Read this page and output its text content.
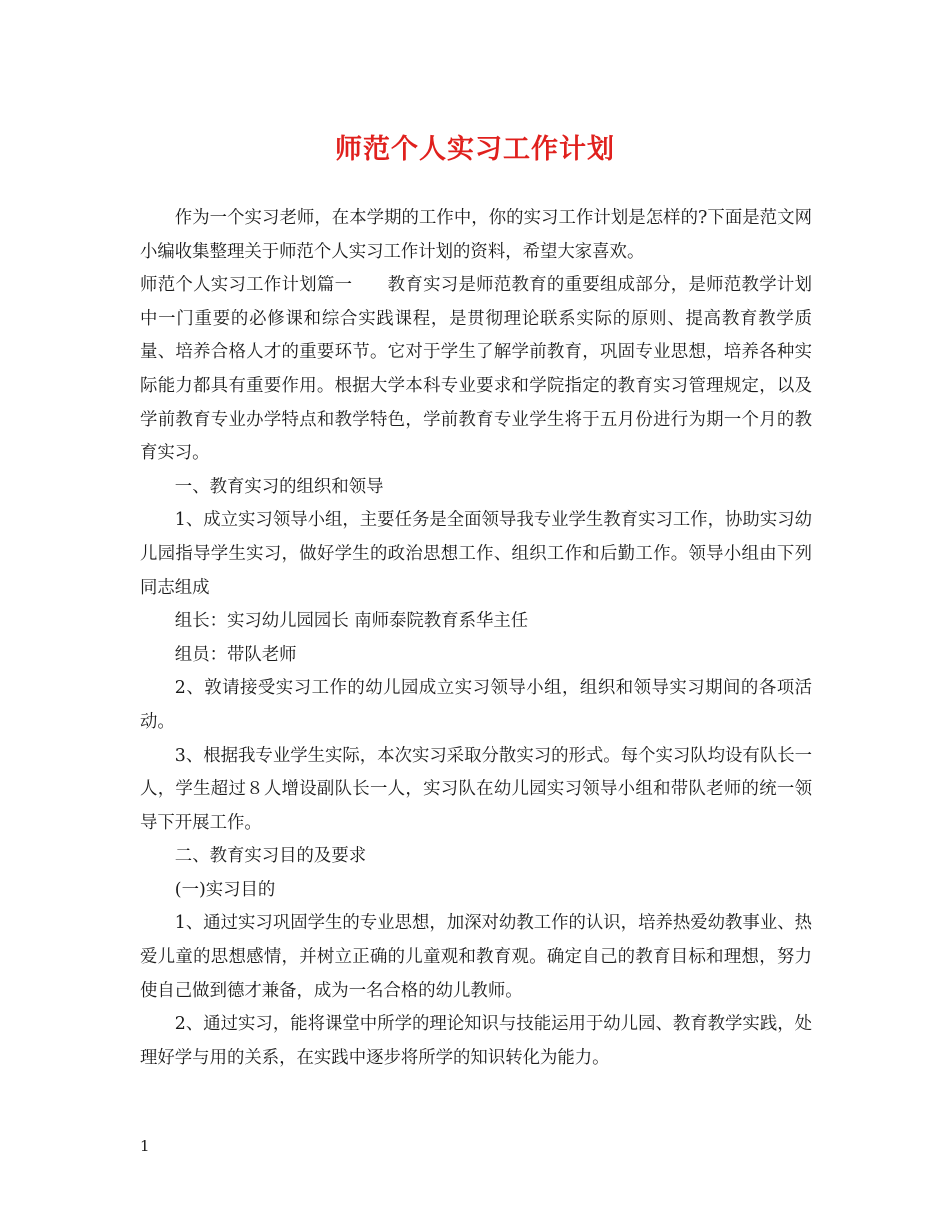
师范个人实习工作计划

作为一个实习老师，在本学期的工作中，你的实习工作计划是怎样的?下面是范文网小编收集整理关于师范个人实习工作计划的资料，希望大家喜欢。

师范个人实习工作计划篇一　　教育实习是师范教育的重要组成部分，是师范教学计划中一门重要的必修课和综合实践课程，是贯彻理论联系实际的原则、提高教育教学质量、培养合格人才的重要环节。它对于学生了解学前教育，巩固专业思想，培养各种实际能力都具有重要作用。根据大学本科专业要求和学院指定的教育实习管理规定，以及学前教育专业办学特点和教学特色，学前教育专业学生将于五月份进行为期一个月的教育实习。

一、教育实习的组织和领导

1、成立实习领导小组，主要任务是全面领导我专业学生教育实习工作，协助实习幼儿园指导学生实习，做好学生的政治思想工作、组织工作和后勤工作。领导小组由下列同志组成

组长：实习幼儿园园长 南师泰院教育系华主任

组员：带队老师

2、敦请接受实习工作的幼儿园成立实习领导小组，组织和领导实习期间的各项活动。

3、根据我专业学生实际，本次实习采取分散实习的形式。每个实习队均设有队长一人，学生超过８人增设副队长一人，实习队在幼儿园实习领导小组和带队老师的统一领导下开展工作。

二、教育实习目的及要求

(一)实习目的

1、通过实习巩固学生的专业思想，加深对幼教工作的认识，培养热爱幼教事业、热爱儿童的思想感情，并树立正确的儿童观和教育观。确定自己的教育目标和理想，努力使自己做到德才兼备，成为一名合格的幼儿教师。

2、通过实习，能将课堂中所学的理论知识与技能运用于幼儿园、教育教学实践，处理好学与用的关系，在实践中逐步将所学的知识转化为能力。

1
